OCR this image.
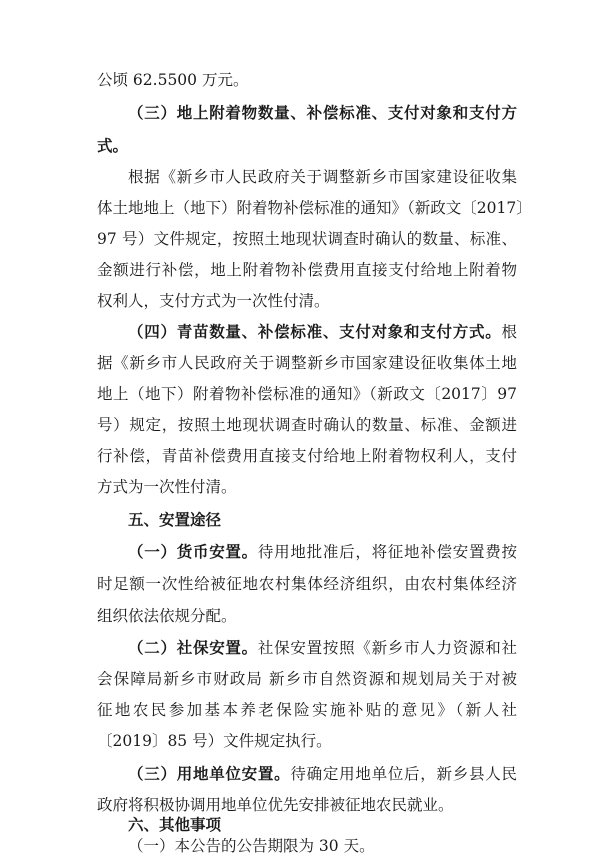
公顷 62.5500 万元。
（三）地上附着物数量、补偿标准、支付对象和支付方
式。
根据《新乡市人民政府关于调整新乡市国家建设征收集
体土地地上（地下）附着物补偿标准的通知》（新政文〔2017〕
97 号）文件规定，按照土地现状调查时确认的数量、标准、
金额进行补偿，地上附着物补偿费用直接支付给地上附着物
权利人，支付方式为一次性付清。
（四）青苗数量、补偿标准、支付对象和支付方式。根
据《新乡市人民政府关于调整新乡市国家建设征收集体土地
地上（地下）附着物补偿标准的通知》（新政文〔2017〕97
号）规定，按照土地现状调查时确认的数量、标准、金额进
行补偿，青苗补偿费用直接支付给地上附着物权利人，支付
方式为一次性付清。
五、安置途径
（一）货币安置。待用地批准后，将征地补偿安置费按
时足额一次性给被征地农村集体经济组织，由农村集体经济
组织依法依规分配。
（二）社保安置。社保安置按照《新乡市人力资源和社
会保障局新乡市财政局 新乡市自然资源和规划局关于对被
征地农民参加基本养老保险实施补贴的意见》（新人社
〔2019〕85 号）文件规定执行。
（三）用地单位安置。待确定用地单位后，新乡县人民
政府将积极协调用地单位优先安排被征地农民就业。
六、其他事项
（一）本公告的公告期限为 30 天。
